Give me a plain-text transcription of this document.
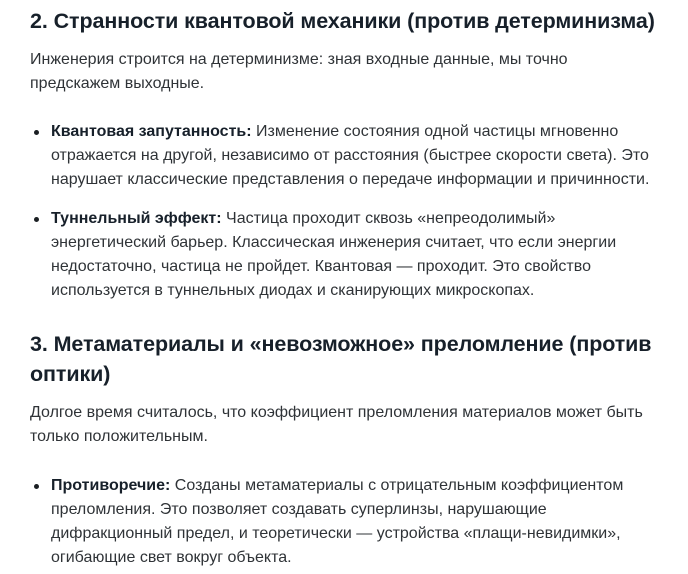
2. Странности квантовой механики (против детерминизма)

Инженерия строится на детерминизме: зная входные данные, мы точно предскажем выходные.

Квантовая запутанность: Изменение состояния одной частицы мгновенно отражается на другой, независимо от расстояния (быстрее скорости света). Это нарушает классические представления о передаче информации и причинности.
Туннельный эффект: Частица проходит сквозь «непреодолимый» энергетический барьер. Классическая инженерия считает, что если энергии недостаточно, частица не пройдет. Квантовая — проходит. Это свойство используется в туннельных диодах и сканирующих микроскопах.
3. Метаматериалы и «невозможное» преломление (против оптики)

Долгое время считалось, что коэффициент преломления материалов может быть только положительным.

Противоречие: Созданы метаматериалы с отрицательным коэффициентом преломления. Это позволяет создавать суперлинзы, нарушающие дифракционный предел, и теоретически — устройства «плащи-невидимки», огибающие свет вокруг объекта.
